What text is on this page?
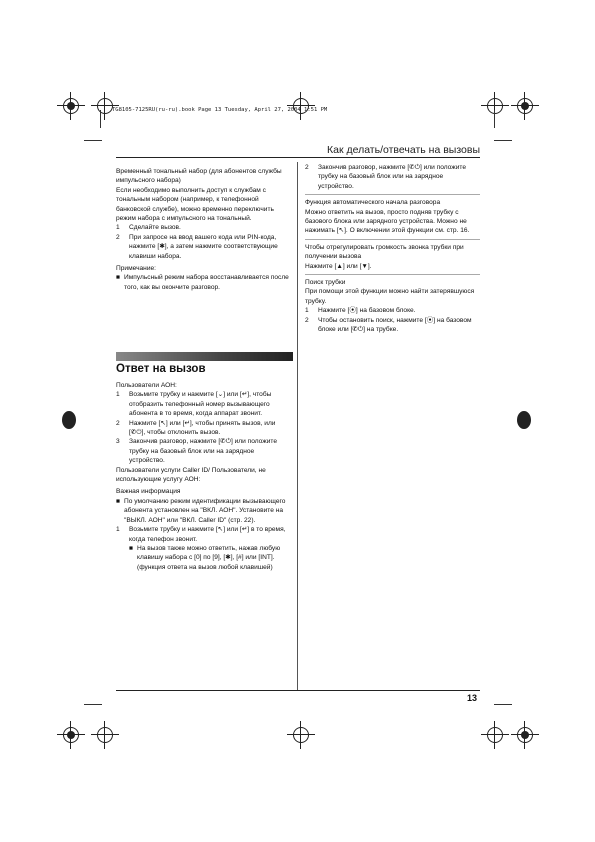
TG8105-7125RU(ru-ru).book Page 13 Tuesday, April 27, 2004 1:51 PM
Как делать/отвечать на вызовы

Временный тональный набор (для абонентов службы импульсного набора)

Если необходимо выполнить доступ к службам с тональным набором (например, к телефонной банковской службе), можно временно переключить режим набора с импульсного на тональный.

1	Сделайте вызов.
2	При запросе на ввод вашего кода или PIN-кода, нажмите [✱], а затем нажмите соответствующие клавиши набора.

Примечание:

■ Импульсный режим набора восстанавливается после того, как вы окончите разговор.
Ответ на вызов

Пользователи АОН:

1	Возьмите трубку и нажмите [⌄] или [↵], чтобы отобразить телефонный номер вызывающего абонента в то время, когда аппарат звонит.
2	Нажмите [↖] или [↵], чтобы принять вызов, или [✆⏻], чтобы отклонить вызов.
3	Закончив разговор, нажмите [✆⏻] или положите трубку на базовый блок или на зарядное устройство.

Пользователи услуги Caller ID/ Пользователи, не использующие услугу АОН:

Важная информация

■ По умолчанию режим идентификации вызывающего абонента установлен на "ВКЛ. АОН". Установите на "ВЫКЛ. АОН" или "ВКЛ. Caller ID" (стр. 22).
1	Возьмите трубку и нажмите [↖] или [↵] в то время, когда телефон звонит.
■ На вызов также можно ответить, нажав любую клавишу набора с [0] по [9], [✱], [#] или [INT]. (функция ответа на вызов любой клавишей)
2	Закончив разговор, нажмите [✆⏻] или положите трубку на базовый блок или на зарядное устройство.

Функция автоматического начала разговора

Можно ответить на вызов, просто подняв трубку с базового блока или зарядного устройства. Можно не нажимать [↖]. О включении этой функции см. стр. 16.

Чтобы отрегулировать громкость звонка трубки при получении вызова

Нажмите [▲] или [▼].

Поиск трубки

При помощи этой функции можно найти затерявшуюся трубку.

1	Нажмите [⦿] на базовом блоке.
2	Чтобы остановить поиск, нажмите [⦿] на базовом блоке или [✆⏻] на трубке.
13
